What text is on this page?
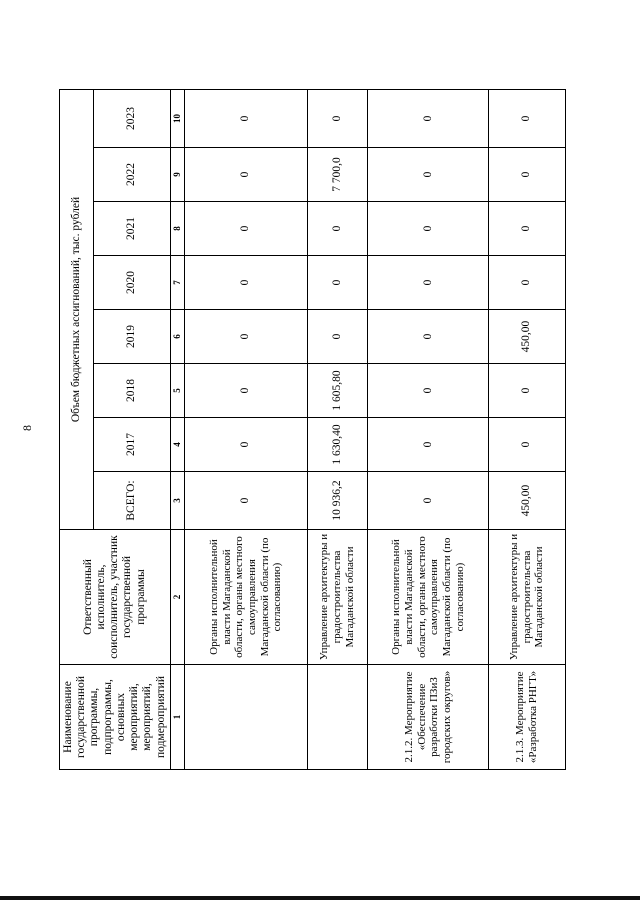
8
Наименование государственной программы, подпрограммы, основных мероприятий, мероприятий, подмероприятий	Ответственный исполнитель, соисполнитель, участник государственной программы	Объем бюджетных ассигнований, тыс. рублей							
		ВСЕГО:	2017	2018	2019	2020	2021	2022	2023
1	2	3	4	5	6	7	8	9	10
	Органы исполнительной власти Магаданской области, органы местного самоуправления Магаданской области (по согласованию)	0	0	0	0	0	0	0	0
	Управление архитектуры и градостроительства Магаданской области	10 936,2	1 630,40	1 605,80	0	0	0	7 700,0	0
2.1.2. Мероприятие «Обеспечение разработки ПЗиЗ городских округов»	Органы исполнительной власти Магаданской области, органы местного самоуправления Магаданской области (по согласованию)	0	0	0	0	0	0	0	0
2.1.3. Мероприятие «Разработка РНГТ»	Управление архитектуры и градостроительства Магаданской области	450,00	0	0	450,00	0	0	0	0
